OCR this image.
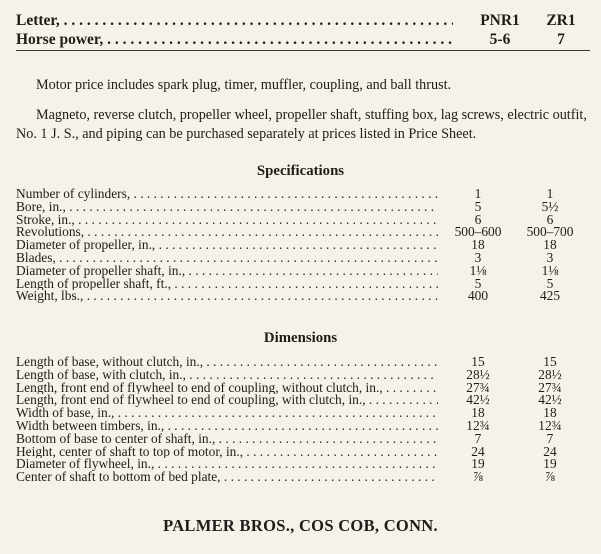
Letter, . . .	PNR1	ZR1
Horse power, . . .	5-6	7
Motor price includes spark plug, timer, muffler, coupling, and ball thrust.
Magneto, reverse clutch, propeller wheel, propeller shaft, stuffing box, lag screws, electric outfit, No. 1 J. S., and piping can be purchased separately at prices listed in Price Sheet.
Specifications
Number of cylinders, . . .	1	1
Bore, in., . . .	5	5½
Stroke, in., . . .	6	6
Revolutions, . . .	500–600	500–700
Diameter of propeller, in., . . .	18	18
Blades, . . .	3	3
Diameter of propeller shaft, in., . . .	1⅛	1⅛
Length of propeller shaft, ft., . . .	5	5
Weight, lbs., . . .	400	425
Dimensions
Length of base, without clutch, in., . . .	15	15
Length of base, with clutch, in., . . .	28½	28½
Length, front end of flywheel to end of coupling, without clutch, in., . . .	27¾	27¾
Length, front end of flywheel to end of coupling, with clutch, in., . . .	42½	42½
Width of base, in., . . .	18	18
Width between timbers, in., . . .	12¾	12¾
Bottom of base to center of shaft, in., . . .	7	7
Height, center of shaft to top of motor, in., . . .	24	24
Diameter of flywheel, in., . . .	19	19
Center of shaft to bottom of bed plate, . . .	⅞	⅞
PALMER BROS., COS COB, CONN.
